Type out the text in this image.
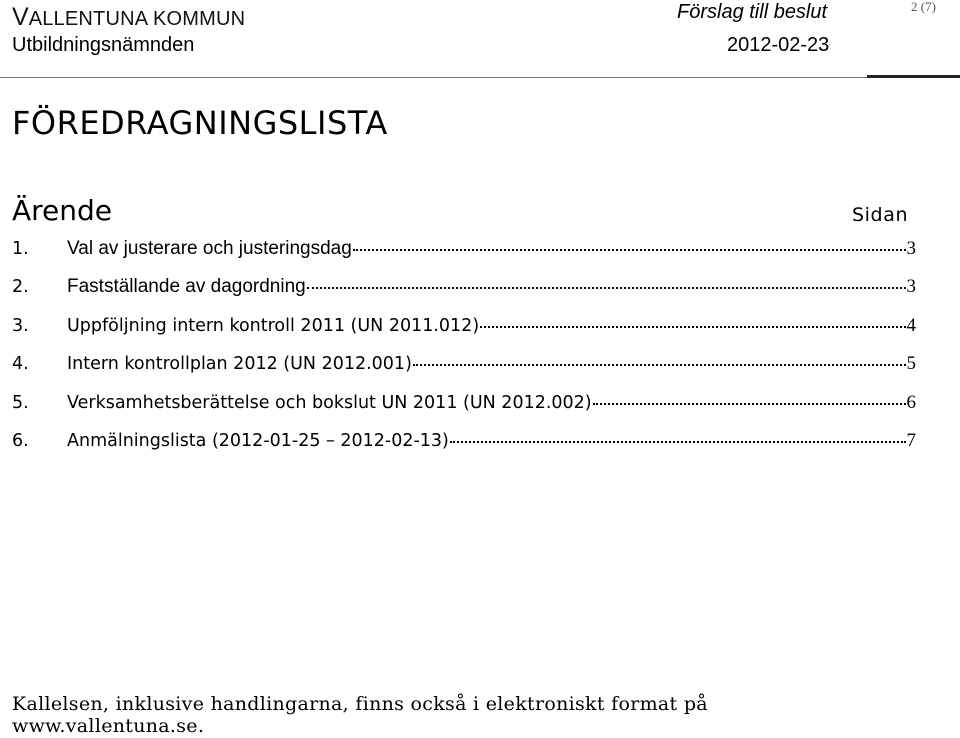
VALLENTUNA KOMMUN
Utbildningsnämnden
Förslag till beslut
2012-02-23
2 (7)
FÖREDRAGNINGSLISTA
Ärende	Sidan
1.	Val av justerare och justeringsdag	3
2.	Fastställande av dagordning	3
3.	Uppföljning intern kontroll 2011 (UN 2011.012)	4
4.	Intern kontrollplan 2012 (UN 2012.001)	5
5.	Verksamhetsberättelse och bokslut UN 2011 (UN 2012.002)	6
6.	Anmälningslista (2012-01-25 – 2012-02-13)	7
Kallelsen, inklusive handlingarna, finns också i elektroniskt format på
www.vallentuna.se.
